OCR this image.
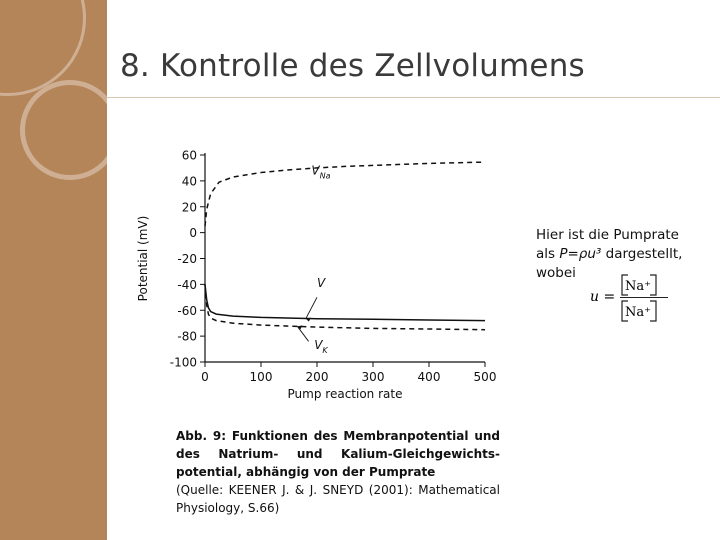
8. Kontrolle des Zellvolumens
60
40
20
0
-20
-40
-60
-80
-100
0	100	200	300	400	500
$V_{Na}$
V
$V_K$
Potential (mV)
Pump reaction rate
Hier ist die Pumprate
als P=ρu³ dargestellt,
wobei
u =
Na⁺
Na⁺

Abb. 9: Funktionen des Membranpotential und des Natrium- und Kalium-Gleichgewichts-potential, abhängig von der Pumprate

(Quelle: KEENER J. & J. SNEYD (2001): Mathematical Physiology, S.66)
